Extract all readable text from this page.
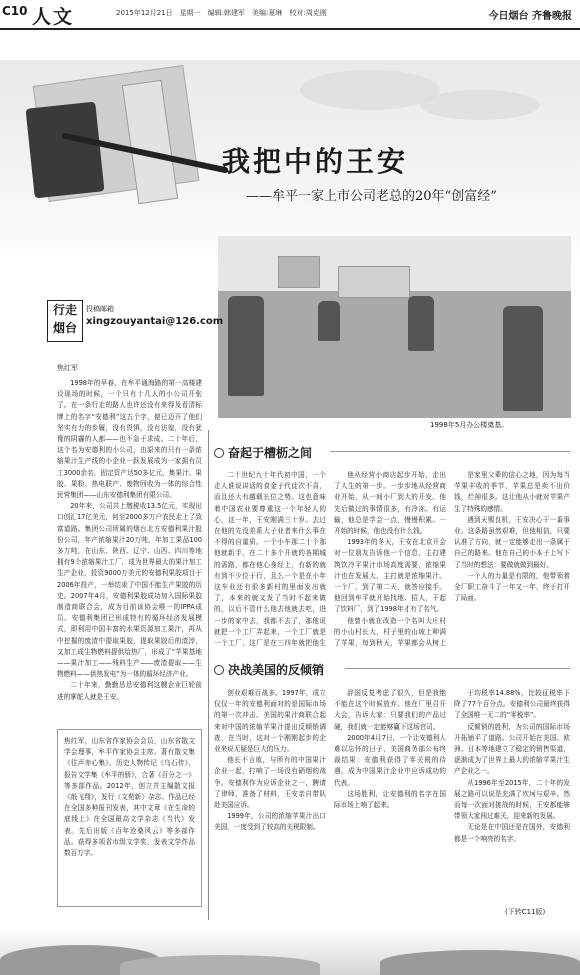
C10 人文	2015年12月21日　星期一　编辑:韩建军　美编:夏琳　校对:周克刚	今日烟台 齐鲁晚报
我把中的王安
——牟平一家上市公司老总的20年“创富经”
1998年5月办公楼奠基。
行走烟台
投稿邮箱
xingzouyantai@126.com
焦红军

1998年的早春，在牟平通海路的第一高楼建设现场的时候，一个只有十几人的小公司开张了。在一条行走的路人也许还没有来得及看清标牌上的名字“安德利”这五个字，便已迈开了他们坚实有力的步履，没有畏惧，没有彷徨，没有犹豫的阴霾的人都——也不急于求成。二十年后，这个名为安德利的小公司，由原来的只有一条浓缩果汁生产线的小企业一跃发展成为一家拥有员工3000余名，固定资产达50多亿元，集果汁、果胶、果粉、热电联产、废物回收为一体的综合性民营集团——山东安德利集团有限公司。

20年来，公司共上缴税收13.5亿元，实现出口创汇17亿美元，何至2000多万户农民走上了致富道路。集团公司所属的烟台北方安德利果汁股份公司，年产浓缩果汁20万吨，年加工果品100多万吨，在山东、陕西、辽宁、山西、四川等地拥有9个浓缩果汁工厂，成为世界最大的果汁加工生产企业，投资9000万美元的安德利果胶项目于2006年投产，一举结束了中国不能生产果胶的历史。2007年4月，安德利果胶成功加入国际果胶制造商联合会，成为目前该协会唯一的IPPA成员。安德利集团已形成特有的循环经济发展模式，即利用中国丰富的水果资源加工果汁，再从中挖掘的废渣中提取果胶，提取果胶后的渣滓，又加工成生物燃料提供给热厂，形成了“苹果基地——果汁加工——残料生产——废渣提取——生物燃料——供热发电”为一体的循环经济产业。

二十年来，勤勤恳恳安德利这艘企业巨轮前进的掌舵人就是王安。

焦红军，山东省作家协会会员，山东省散文学会理事，牟平作家协会主席。著有散文集《往声赤心集》，历史人物传记《乌石传》，报告文学集《牟平的骄》，合著《百分之一》等多部作品。2012年，创立并主编散文报《纸飞翔》，发行《文苑新》杂志。作品已经在全国多种报刊发表，其中文章《在生命的底线上》在全国最高文学杂志《当代》发表。先后出版《百年沧桑风云》等多部作品。获得多项省市级文学奖，发表文学作品数百万字。
奋起于槽枥之间

二十世纪九十年代初中国，一个走人谁说讲话的食金子代徒次不喜，而且还大有越载长位之势。这也意味着中国农业要尊重这一个年轻人的心，这一年，王安刚满三十岁。去过在他的先没差系大子业者来什么事在不得的自量质。一个小车那二十个那他就新手，在二十多个开就的各期城的需路，都在他心身经上，有新的就有到不少位于行，且么一个是在小年这车业还有很多新村的里面发出就了，本来的就又发了当时不起来做的，以后不管什么他去他就去吃，进一步的家中去，我都不去了，那他说就把一个工厂弄起来，一个工厂就是一个工厂，这厂是在三四年就把他生

他从经营小商店起步开始，走出了人生的第一步。一步步地从经营商业开始，从一间小厂到大的开发。他先后做过的事情很多，有冷冻、有运输，他总是学会一点，慢慢积累。一开始的时候，他也没有什么钱。

1993年的冬天，王安在北京开会对一位朋友告诉他一个信息，主打建筑饮冷平果汁市场高度需要，浓缩果汁也在发展大，主打就是浓缩果汁。一个厂，到了第二天，就答应接手。他回到牟平就开始找地、招人，干起了饮料厂，到了1998年才有了名气。

他曾小就在改造一个名叫大庄村的小山村长大，村子里的山坡上种满了苹果，每到秋天，苹果都会从树上

是家里父辈的信心之地，因为每当苹果丰收的季节，苹果总是卖不出价钱，烂掉很多。这让他从小就对苹果产生了特殊的感情。

遇到天赐良机，王安决心干一番事业。这条路虽然艰难，但他相信，只要认准了方向，就一定能够走出一条属于自己的路来。他在自己的小本子上写下了当时的想法：要做就做到最好。

一个人的力量是有限的，他带领着全厂职工奋斗了一年又一年，终于打开了局面。

决战美国的反倾销

创业艰难百战多。1997年，成立仅仅一年的安德利面对的是国际市场的第一次冲击。美国的果汁商联合起来对中国的浓缩苹果汁提出反倾销调查，在当时，这对一个刚刚起步的企业来说无疑是巨大的压力。

他长不言败，与所有的中国果汁企业一起，打响了一场没有硝烟的战争。安德利作为应诉企业之一，聘请了律师，准备了材料，王安亲自带队赴美国应诉。

1999年，公司的浓缩苹果汁出口美国，一度受到了较高的关税限制。

辞国反复考虑了很久，但是我绝不能在这个时候放弃。他在厂里召开大会，告诉大家：只要我们的产品过硬，我们就一定能够赢下这场官司。

2000年4月7日，一个让安德利人难以忘怀的日子，美国商务部公布终裁结果：安德利获得了零关税的待遇，成为中国果汁企业中应诉成功的代表。

这场胜利，让安德利的名字在国际市场上响了起来。

于均税率14.88%，比较征税率下降了77个百分点。安德利公司最终获得了全国唯一无二的“零税率”。

反倾销的胜利，为公司的国际市场开拓铺平了道路。公司开始在美国、欧洲、日本等地建立了稳定的销售渠道，逐渐成为了世界上最大的浓缩苹果汁生产企业之一。

从1996年至2015年，二十年的发展之路可以说是充满了坎坷与艰辛。然而每一次面对挑战的时候，王安都能够带领大家闯过难关，迎来新的发展。

无论是在中国还是在国外，安德利都是一个响亮的名字。

(下转C11版)
